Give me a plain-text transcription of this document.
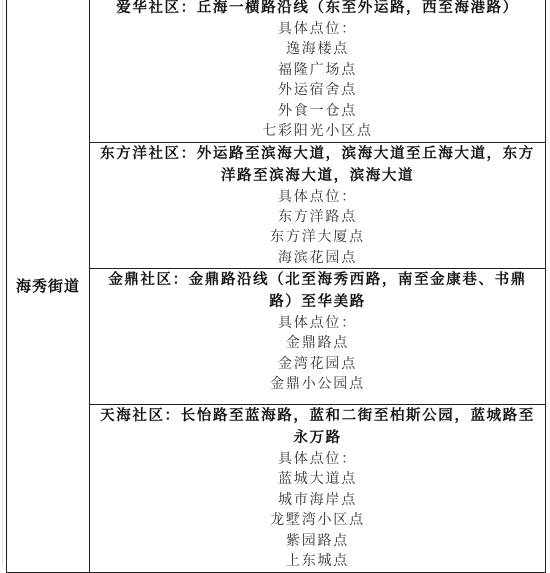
海秀街道	
爱华社区：丘海一横路沿线（东至外运路，西至海港路）
具体点位：
逸海楼点
福隆广场点
外运宿舍点
外食一仓点
七彩阳光小区点

东方洋社区：外运路至滨海大道，滨海大道至丘海大道，东方洋路至滨海大道，滨海大道
具体点位：
东方洋路点
东方洋大厦点
海滨花园点

金鼎社区：金鼎路沿线（北至海秀西路，南至金康巷、书鼎路）至华美路
具体点位：
金鼎路点
金湾花园点
金鼎小公园点

天海社区：长怡路至蓝海路，蓝和二街至柏斯公园，蓝城路至永万路
具体点位：
蓝城大道点
城市海岸点
龙墅湾小区点
紫园路点
上东城点
